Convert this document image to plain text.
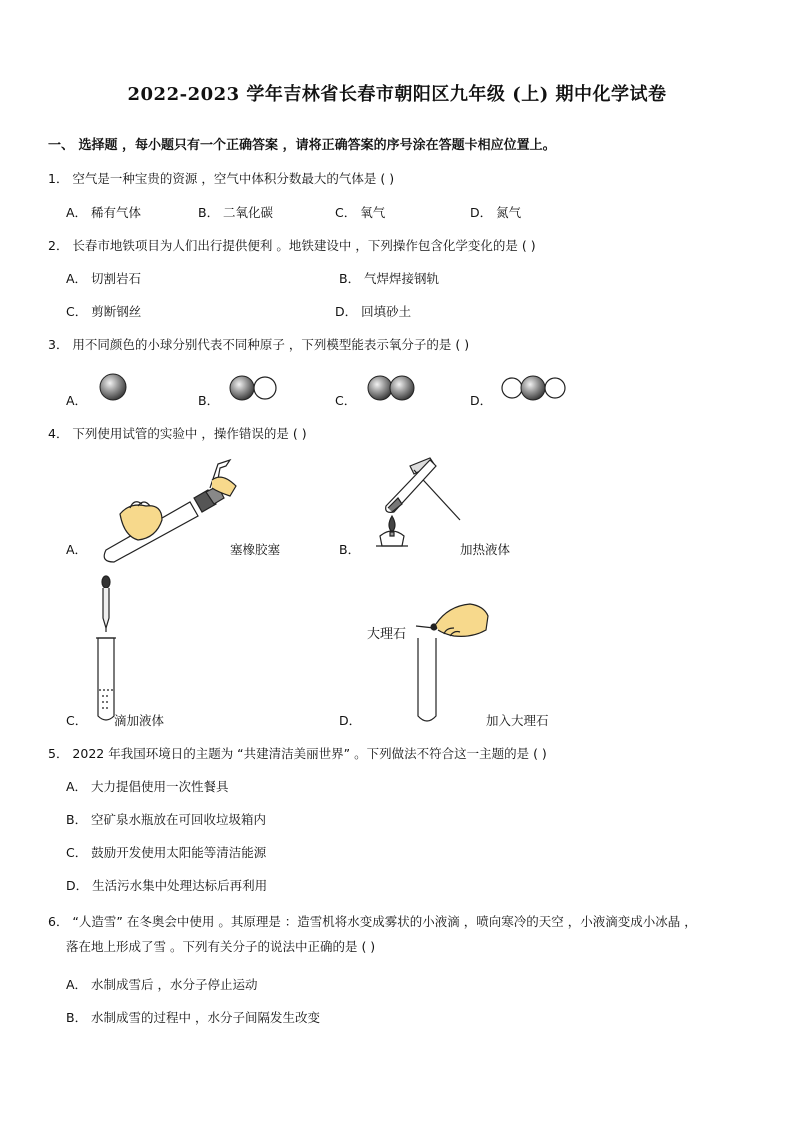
2022-2023 学年吉林省长春市朝阳区九年级 (上) 期中化学试卷
一、 选择题 ，每小题只有一个正确答案 ，请将正确答案的序号涂在答题卡相应位置上。
1． 空气是一种宝贵的资源 ，空气中体积分数最大的气体是 ( )
A． 稀有气体	B． 二氧化碳	C． 氧气	D． 氮气
2． 长春市地铁项目为人们出行提供便利 。地铁建设中 ，下列操作包含化学变化的是 ( )
A． 切割岩石	B． 气焊焊接钢轨
C． 剪断钢丝	D． 回填砂土
3． 用不同颜色的小球分别代表不同种原子 ，下列模型能表示氧分子的是 ( )
A．	B．	C．	D．
4． 下列使用试管的实验中 ，操作错误的是 ( )
A．	塞橡胶塞	B．	加热液体
C． 滴加液体
大理石
D．	加入大理石
5． 2022 年我国环境日的主题为 “共建清洁美丽世界” 。下列做法不符合这一主题的是 ( )
A． 大力提倡使用一次性餐具
B． 空矿泉水瓶放在可回收垃圾箱内
C． 鼓励开发使用太阳能等清洁能源
D． 生活污水集中处理达标后再利用
6． “人造雪” 在冬奥会中使用 。其原理是 ：造雪机将水变成雾状的小液滴 ，喷向寒冷的天空 ，小液滴变成小冰晶 ，
落在地上形成了雪 。下列有关分子的说法中正确的是 ( )
A． 水制成雪后 ，水分子停止运动
B． 水制成雪的过程中 ，水分子间隔发生改变
